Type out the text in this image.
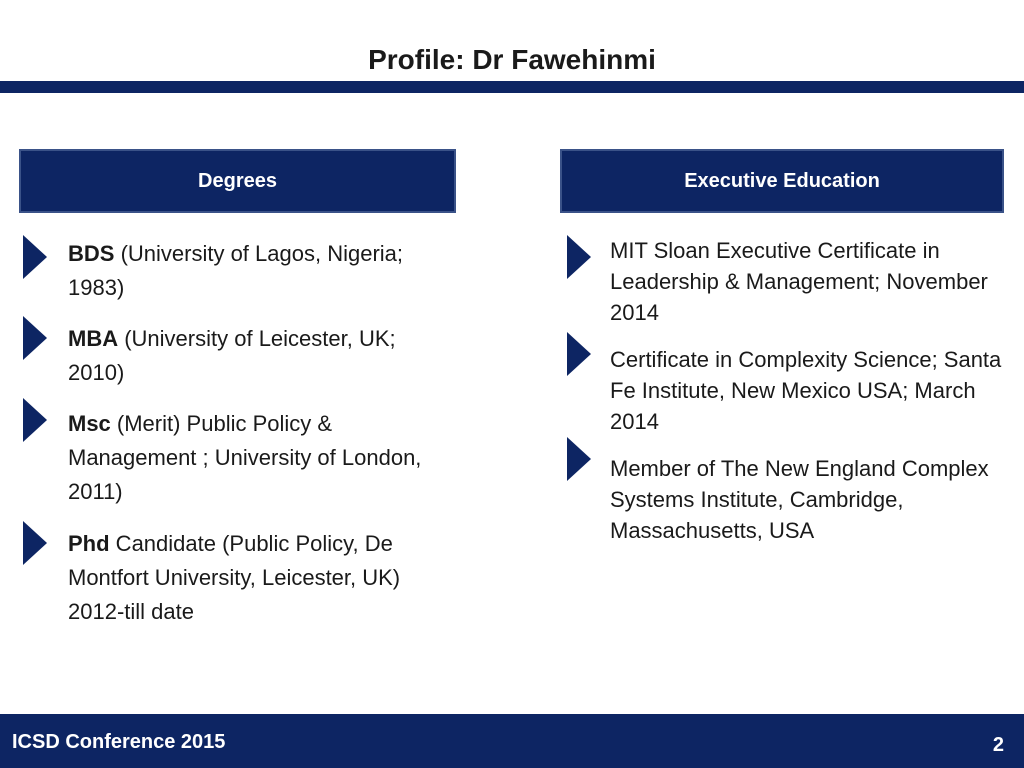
Profile: Dr Fawehinmi
Degrees	Executive Education
BDS (University of Lagos, Nigeria; 1983)
MBA (University of Leicester, UK; 2010)
Msc (Merit) Public Policy & Management ; University of London, 2011)
Phd Candidate (Public Policy, De Montfort University, Leicester, UK) 2012-till date
MIT Sloan Executive Certificate in Leadership & Management; November 2014
Certificate in Complexity Science; Santa Fe Institute, New Mexico USA; March 2014
Member of The New England Complex Systems Institute, Cambridge, Massachusetts, USA
ICSD Conference 2015	2
